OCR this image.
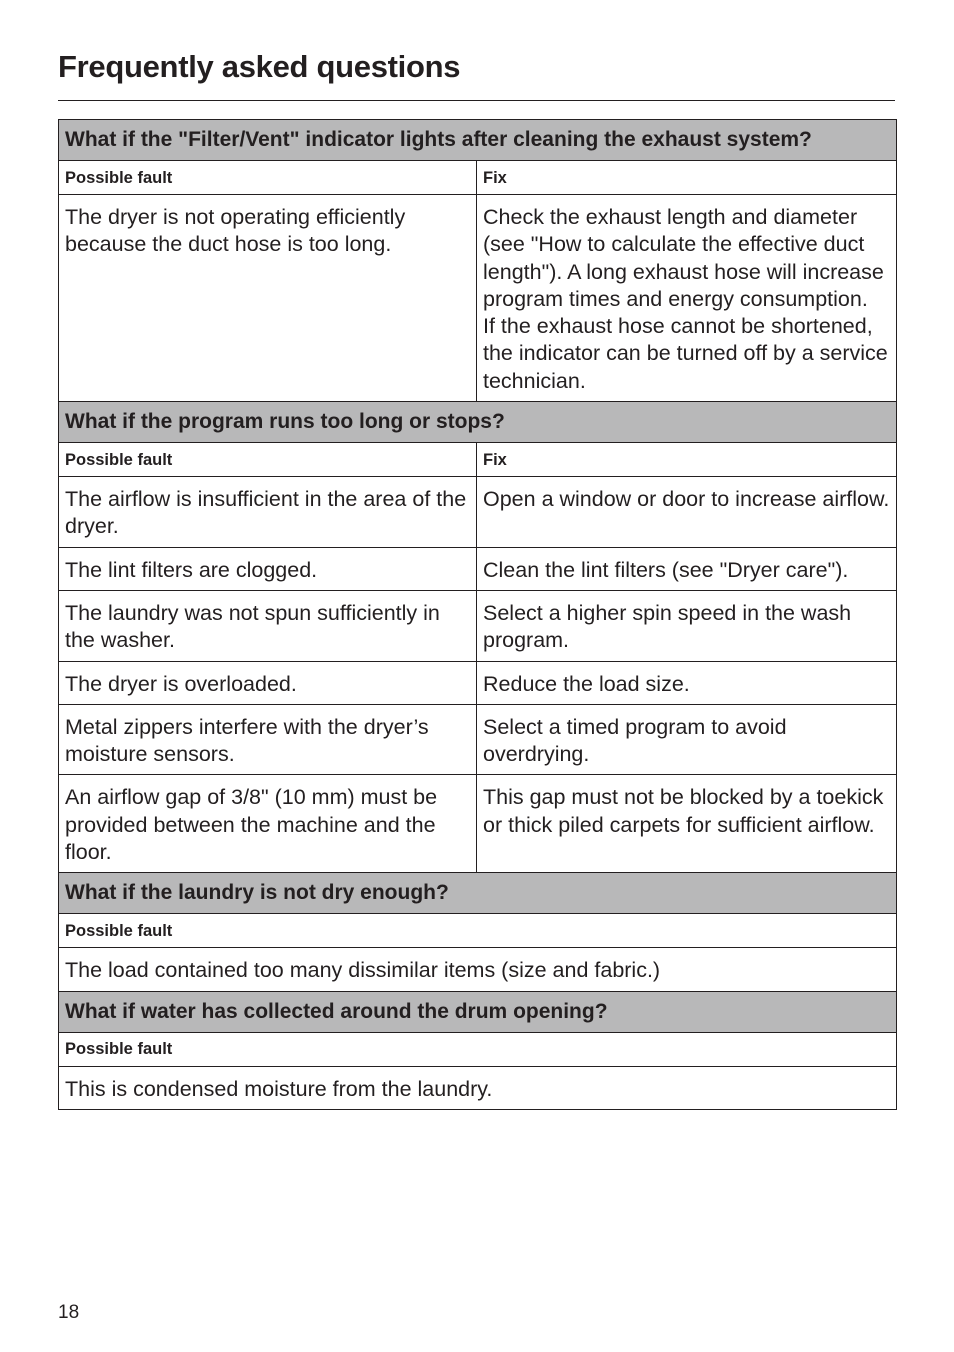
Frequently asked questions
What if the "Filter/Vent" indicator lights after cleaning the exhaust system?	
Possible fault	Fix
The dryer is not operating efficiently because the duct hose is too long.	Check the exhaust length and diameter (see "How to calculate the effective duct length"). A long exhaust hose will increase program times and energy consumption.
If the exhaust hose cannot be shortened, the indicator can be turned off by a service technician.
What if the program runs too long or stops?	
Possible fault	Fix
The airflow is insufficient in the area of the dryer.	Open a window or door to increase airflow.
The lint filters are clogged.	Clean the lint filters (see "Dryer care").
The laundry was not spun sufficiently in the washer.	Select a higher spin speed in the wash program.
The dryer is overloaded.	Reduce the load size.
Metal zippers interfere with the dryer’s moisture sensors.	Select a timed program to avoid overdrying.
An airflow gap of 3/8" (10 mm) must be provided between the machine and the floor.	This gap must not be blocked by a toekick or thick piled carpets for sufficient airflow.
What if the laundry is not dry enough?	
Possible fault	
The load contained too many dissimilar items (size and fabric.)	
What if water has collected around the drum opening?	
Possible fault	
This is condensed moisture from the laundry.	
18
